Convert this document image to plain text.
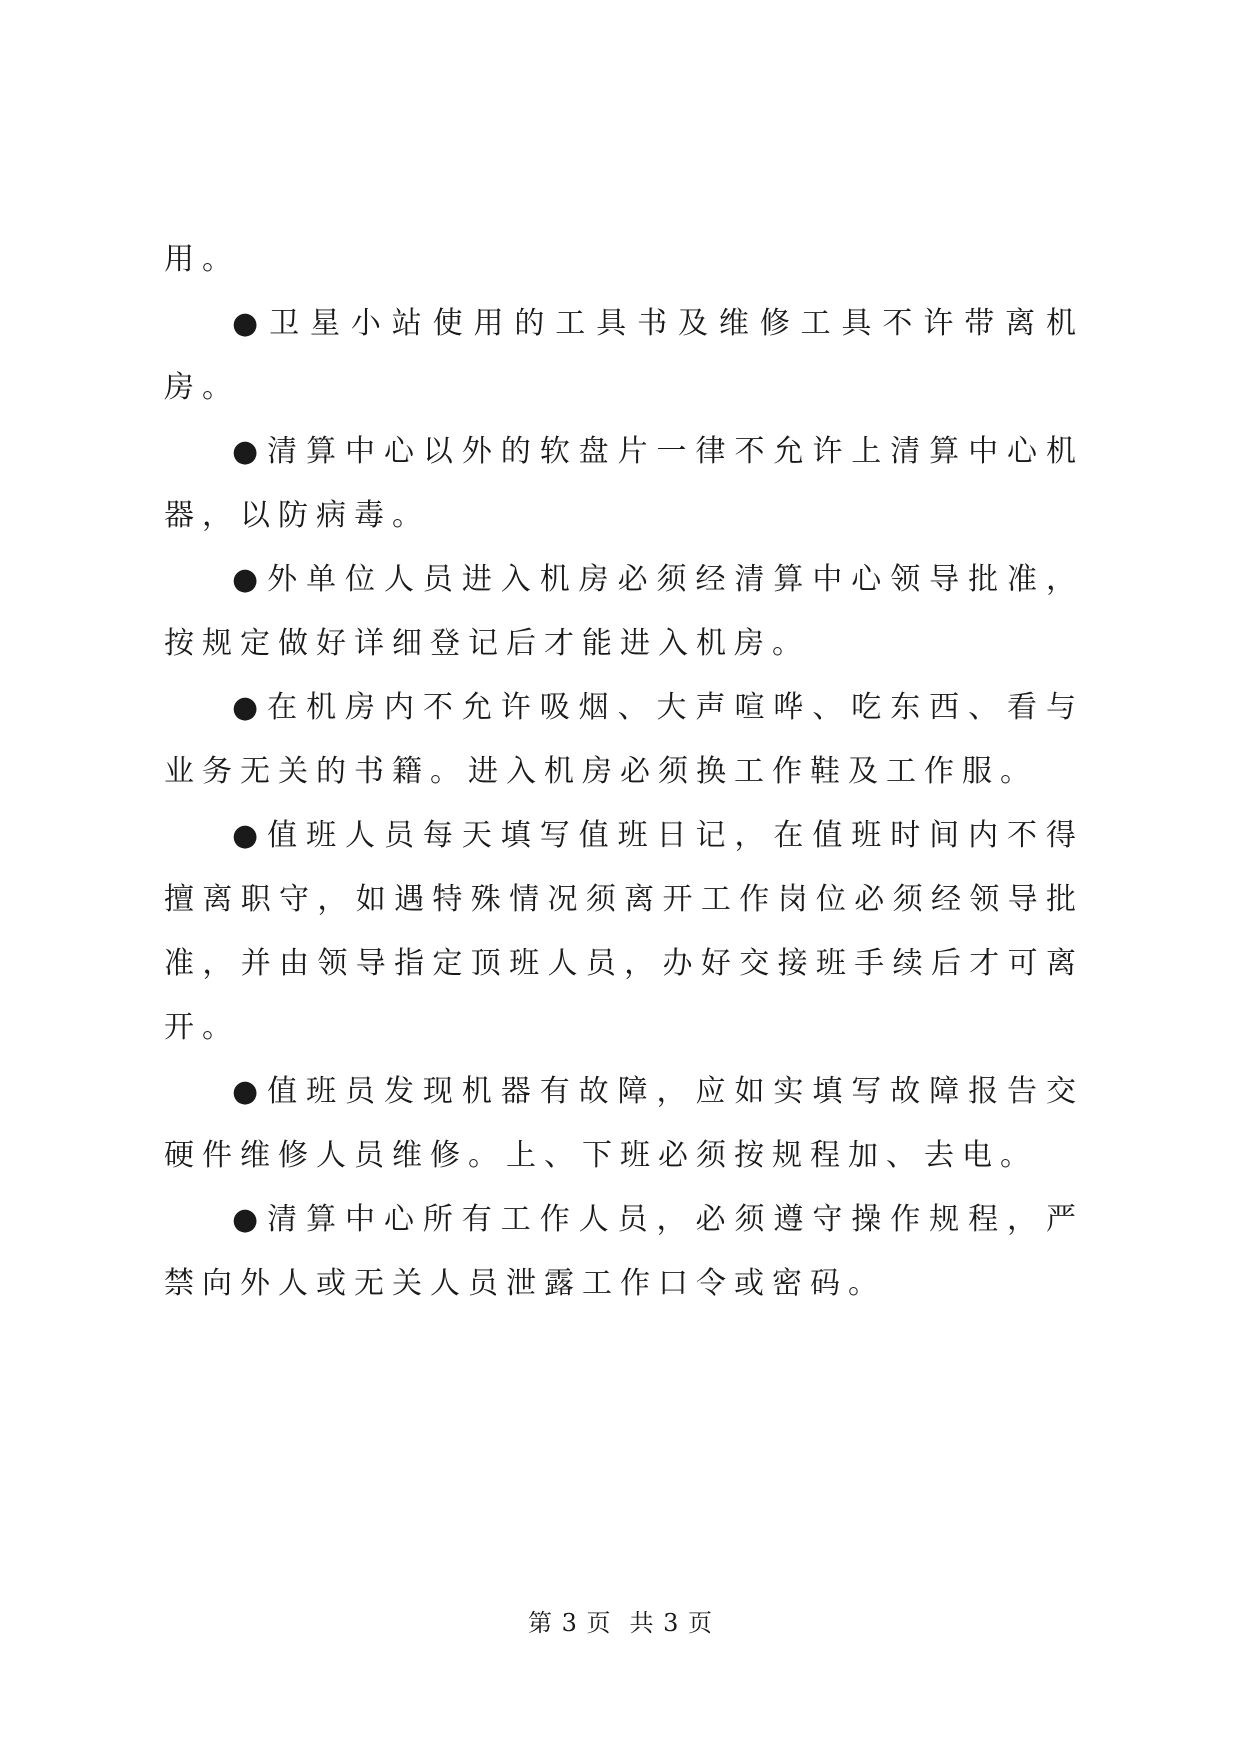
用。

●卫星小站使用的工具书及维修工具不许带离机房。

●清算中心以外的软盘片一律不允许上清算中心机器，以防病毒。

●外单位人员进入机房必须经清算中心领导批准，按规定做好详细登记后才能进入机房。

●在机房内不允许吸烟、大声喧哗、吃东西、看与业务无关的书籍。进入机房必须换工作鞋及工作服。

●值班人员每天填写值班日记，在值班时间内不得擅离职守，如遇特殊情况须离开工作岗位必须经领导批准，并由领导指定顶班人员，办好交接班手续后才可离开。

●值班员发现机器有故障，应如实填写故障报告交硬件维修人员维修。上、下班必须按规程加、去电。

●清算中心所有工作人员，必须遵守操作规程，严禁向外人或无关人员泄露工作口令或密码。

第 3 页 共 3 页
